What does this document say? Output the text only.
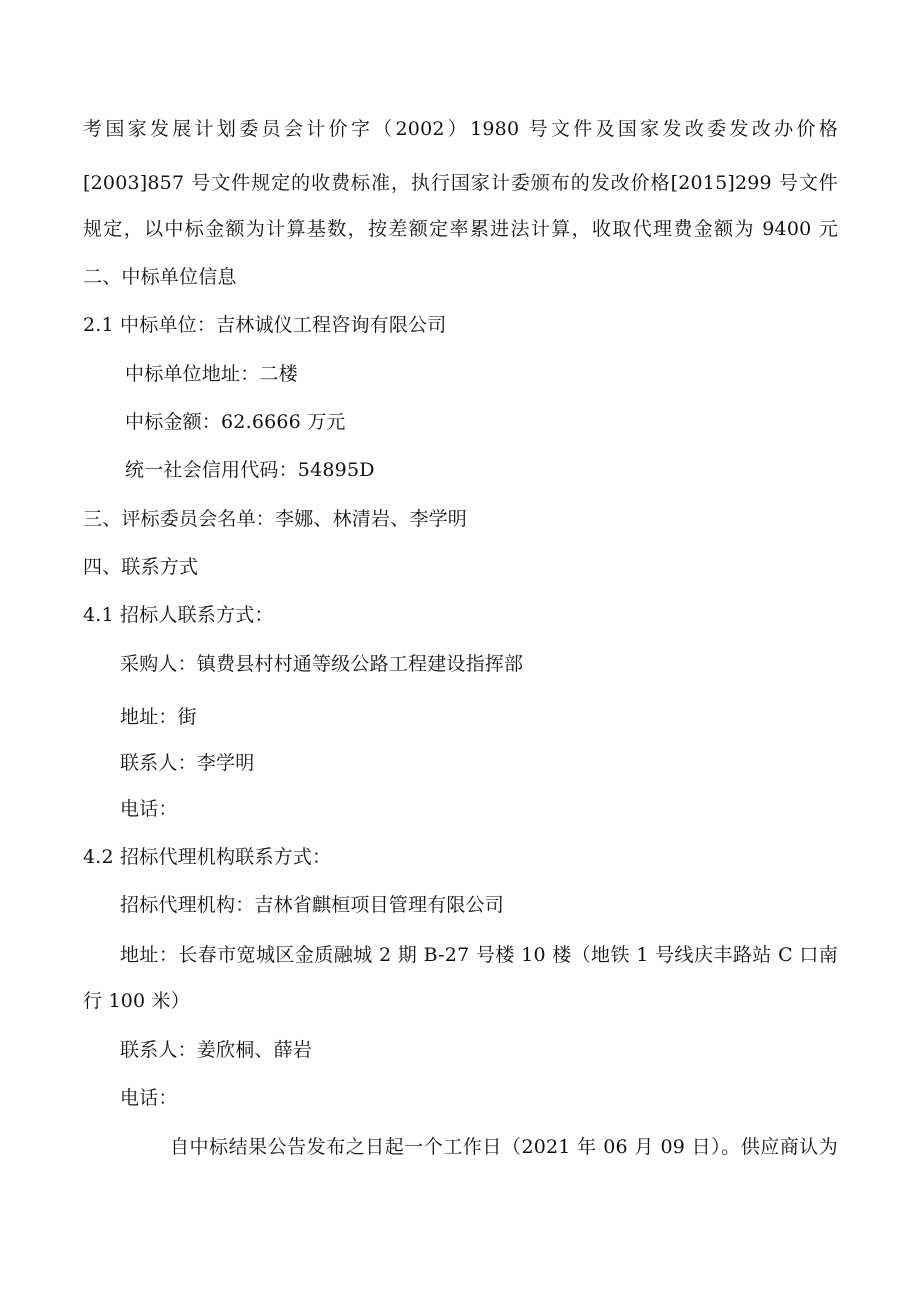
考国家发展计划委员会计价字（2002）1980 号文件及国家发改委发改办价格
[2003]857 号文件规定的收费标准，执行国家计委颁布的发改价格[2015]299 号文件
规定，以中标金额为计算基数，按差额定率累进法计算，收取代理费金额为 9400 元
二、中标单位信息
2.1 中标单位：吉林诚仪工程咨询有限公司
中标单位地址：二楼
中标金额：62.6666 万元
统一社会信用代码：54895D
三、评标委员会名单：李娜、林清岩、李学明
四、联系方式
4.1 招标人联系方式：
采购人：镇费县村村通等级公路工程建设指挥部
地址：街
联系人：李学明
电话：
4.2 招标代理机构联系方式：
招标代理机构：吉林省麒桓项目管理有限公司
地址：长春市宽城区金质融城 2 期 B-27 号楼 10 楼（地铁 1 号线庆丰路站 C 口南
行 100 米）
联系人：姜欣桐、薛岩
电话：
自中标结果公告发布之日起一个工作日（2021 年 06 月 09 日）。供应商认为
